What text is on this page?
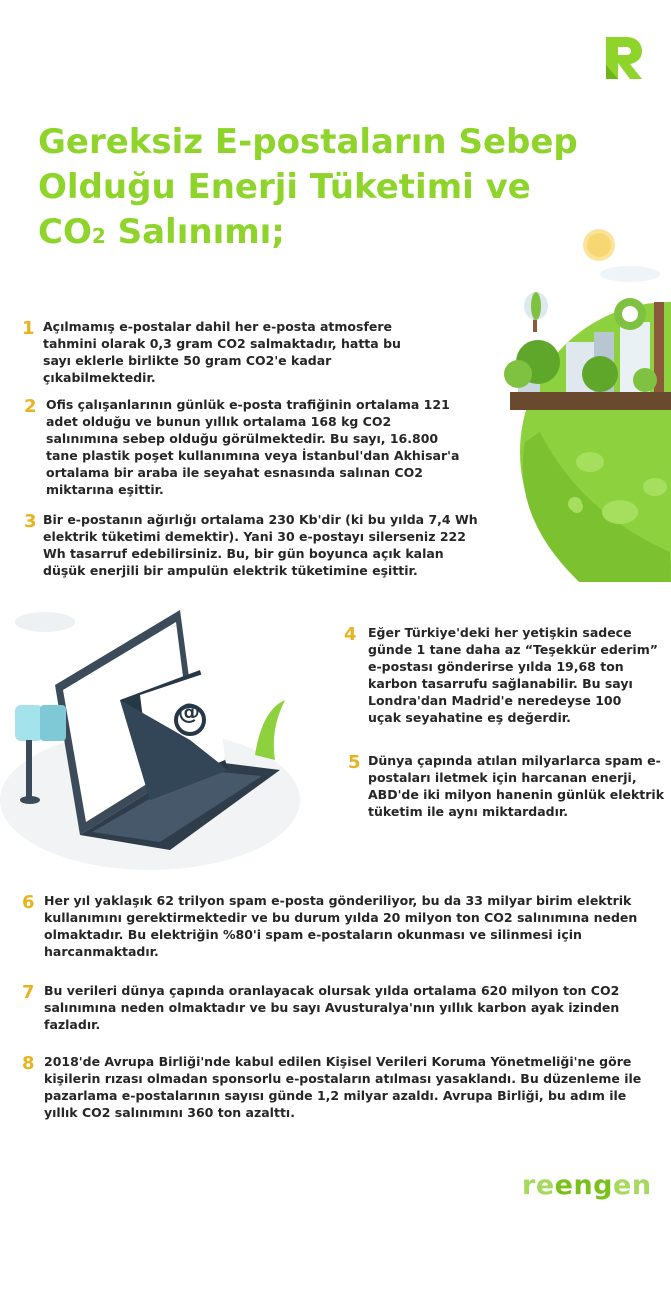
Gereksiz E-postaların Sebep
Olduğu Enerji Tüketimi ve
CO2 Salınımı;
@
1 Açılmamış e-postalar dahil her e-posta atmosfere tahmini olarak 0,3 gram CO2 salmaktadır, hatta bu sayı eklerle birlikte 50 gram CO2'e kadar çıkabilmektedir.

2 Ofis çalışanlarının günlük e-posta trafiğinin ortalama 121 adet olduğu ve bunun yıllık ortalama 168 kg CO2 salınımına sebep olduğu görülmektedir. Bu sayı, 16.800 tane plastik poşet kullanımına veya İstanbul'dan Akhisar'a ortalama bir araba ile seyahat esnasında salınan CO2 miktarına eşittir.

3 Bir e-postanın ağırlığı ortalama 230 Kb'dir (ki bu yılda 7,4 Wh elektrik tüketimi demektir). Yani 30 e-postayı silerseniz 222 Wh tasarruf edebilirsiniz. Bu, bir gün boyunca açık kalan düşük enerjili bir ampulün elektrik tüketimine eşittir.

4 Eğer Türkiye'deki her yetişkin sadece günde 1 tane daha az “Teşekkür ederim” e-postası gönderirse yılda 19,68 ton karbon tasarrufu sağlanabilir. Bu sayı Londra'dan Madrid'e neredeyse 100 uçak seyahatine eş değerdir.

5 Dünya çapında atılan milyarlarca spam e-postaları iletmek için harcanan enerji, ABD'de iki milyon hanenin günlük elektrik tüketim ile aynı miktardadır.

6 Her yıl yaklaşık 62 trilyon spam e-posta gönderiliyor, bu da 33 milyar birim elektrik kullanımını gerektirmektedir ve bu durum yılda 20 milyon ton CO2 salınımına neden olmaktadır. Bu elektriğin %80'i spam e-postaların okunması ve silinmesi için harcanmaktadır.

7 Bu verileri dünya çapında oranlayacak olursak yılda ortalama 620 milyon ton CO2 salınımına neden olmaktadır ve bu sayı Avusturalya'nın yıllık karbon ayak izinden fazladır.

8 2018'de Avrupa Birliği'nde kabul edilen Kişisel Verileri Koruma Yönetmeliği'ne göre kişilerin rızası olmadan sponsorlu e-postaların atılması yasaklandı. Bu düzenleme ile pazarlama e-postalarının sayısı günde 1,2 milyar azaldı. Avrupa Birliği, bu adım ile yıllık CO2 salınımını 360 ton azalttı.

reengen
